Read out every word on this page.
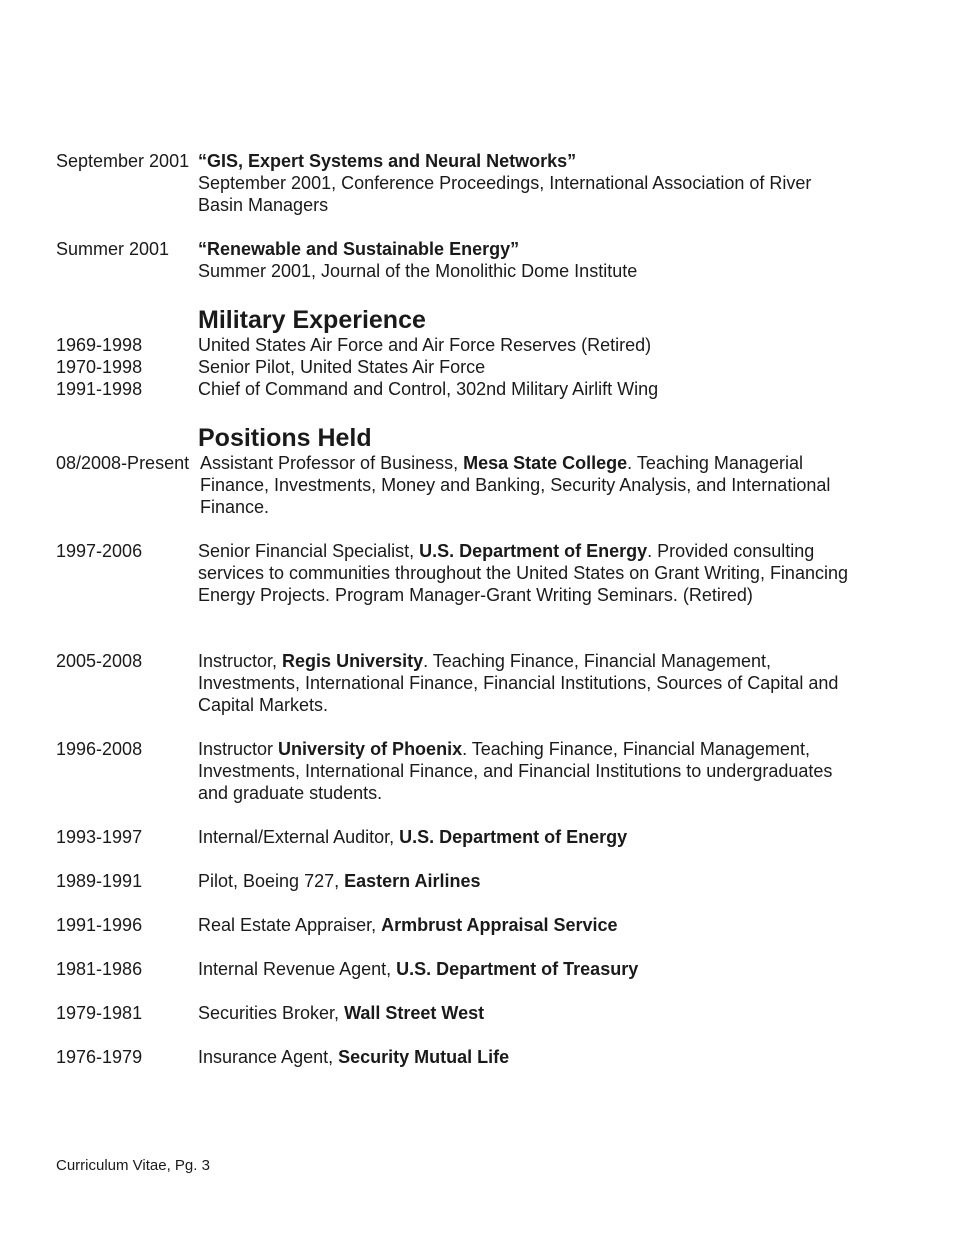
September 2001 “GIS, Expert Systems and Neural Networks”
September 2001, Conference Proceedings, International Association of River Basin Managers
Summer 2001 “Renewable and Sustainable Energy”
Summer 2001, Journal of the Monolithic Dome Institute
Military Experience
1969-1998	United States Air Force and Air Force Reserves (Retired)
1970-1998	Senior Pilot, United States Air Force
1991-1998	Chief of Command and Control, 302nd Military Airlift Wing
Positions Held
08/2008-Present Assistant Professor of Business, Mesa State College. Teaching Managerial Finance, Investments, Money and Banking, Security Analysis, and International Finance.
1997-2006	Senior Financial Specialist, U.S. Department of Energy. Provided consulting services to communities throughout the United States on Grant Writing, Financing Energy Projects. Program Manager-Grant Writing Seminars. (Retired)
2005-2008	Instructor, Regis University. Teaching Finance, Financial Management, Investments, International Finance, Financial Institutions, Sources of Capital and Capital Markets.
1996-2008	Instructor University of Phoenix. Teaching Finance, Financial Management, Investments, International Finance, and Financial Institutions to undergraduates and graduate students.
1993-1997	Internal/External Auditor, U.S. Department of Energy
1989-1991	Pilot, Boeing 727, Eastern Airlines
1991-1996	Real Estate Appraiser, Armbrust Appraisal Service
1981-1986	Internal Revenue Agent, U.S. Department of Treasury
1979-1981	Securities Broker, Wall Street West
1976-1979	Insurance Agent, Security Mutual Life
Curriculum Vitae, Pg. 3
